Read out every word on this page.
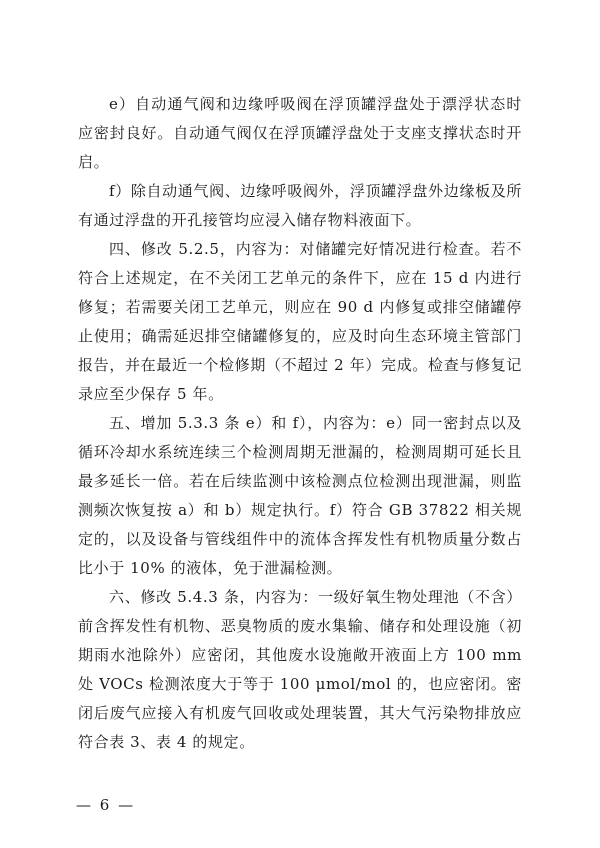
e）自动通气阀和边缘呼吸阀在浮顶罐浮盘处于漂浮状态时应密封良好。自动通气阀仅在浮顶罐浮盘处于支座支撑状态时开启。

f）除自动通气阀、边缘呼吸阀外，浮顶罐浮盘外边缘板及所有通过浮盘的开孔接管均应浸入储存物料液面下。

四、修改 5.2.5，内容为：对储罐完好情况进行检查。若不符合上述规定，在不关闭工艺单元的条件下，应在 15 d 内进行修复；若需要关闭工艺单元，则应在 90 d 内修复或排空储罐停止使用；确需延迟排空储罐修复的，应及时向生态环境主管部门报告，并在最近一个检修期（不超过 2 年）完成。检查与修复记录应至少保存 5 年。

五、增加 5.3.3 条 e）和 f），内容为：e）同一密封点以及循环冷却水系统连续三个检测周期无泄漏的，检测周期可延长且最多延长一倍。若在后续监测中该检测点位检测出现泄漏，则监测频次恢复按 a）和 b）规定执行。f）符合 GB 37822 相关规定的，以及设备与管线组件中的流体含挥发性有机物质量分数占比小于 10% 的液体，免于泄漏检测。

六、修改 5.4.3 条，内容为：一级好氧生物处理池（不含）前含挥发性有机物、恶臭物质的废水集输、储存和处理设施（初期雨水池除外）应密闭，其他废水设施敞开液面上方 100 mm 处 VOCs 检测浓度大于等于 100 μmol/mol 的，也应密闭。密闭后废气应接入有机废气回收或处理装置，其大气污染物排放应符合表 3、表 4 的规定。

— 6 —
